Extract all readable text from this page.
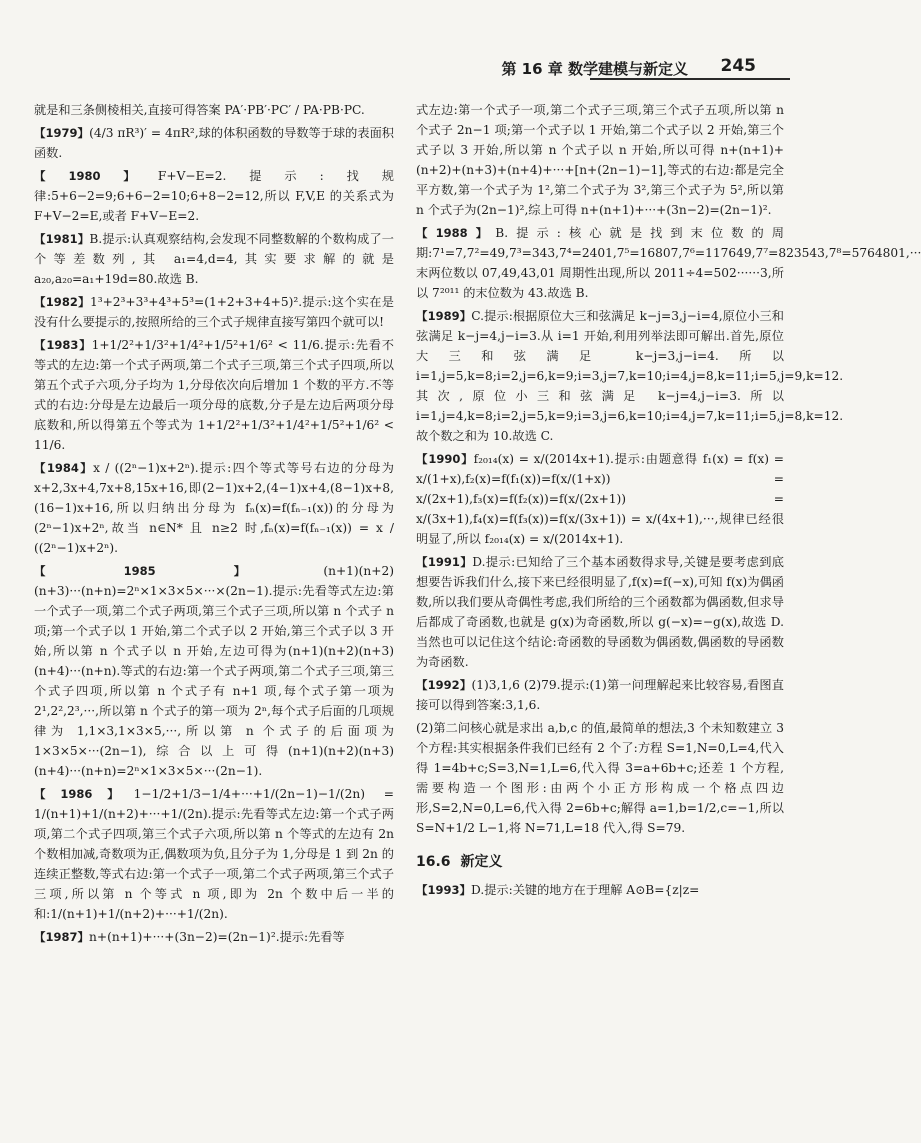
第 16 章 数学建模与新定义 245

就是和三条侧棱相关,直接可得答案 PA′·PB′·PC′ / PA·PB·PC.

【1979】(4/3 πR³)′ = 4πR²,球的体积函数的导数等于球的表面积函数.

【1980】F+V−E=2.提示:找规律:5+6−2=9;6+6−2=10;6+8−2=12,所以 F,V,E 的关系式为 F+V−2=E,或者 F+V−E=2.

【1981】B.提示:认真观察结构,会发现不同整数解的个数构成了一个等差数列,其 a₁=4,d=4,其实要求解的就是 a₂₀,a₂₀=a₁+19d=80.故选 B.

【1982】1³+2³+3³+4³+5³=(1+2+3+4+5)².提示:这个实在是没有什么要提示的,按照所给的三个式子规律直接写第四个就可以!

【1983】1+1/2²+1/3²+1/4²+1/5²+1/6² < 11/6.提示:先看不等式的左边:第一个式子两项,第二个式子三项,第三个式子四项,所以第五个式子六项,分子均为 1,分母依次向后增加 1 个数的平方.不等式的右边:分母是左边最后一项分母的底数,分子是左边后两项分母底数和,所以得第五个等式为 1+1/2²+1/3²+1/4²+1/5²+1/6² < 11/6.

【1984】x / ((2ⁿ−1)x+2ⁿ).提示:四个等式等号右边的分母为 x+2,3x+4,7x+8,15x+16,即(2−1)x+2,(4−1)x+4,(8−1)x+8,(16−1)x+16,所以归纳出分母为 fₙ(x)=f(fₙ₋₁(x))的分母为(2ⁿ−1)x+2ⁿ,故当 n∈N* 且 n≥2 时,fₙ(x)=f(fₙ₋₁(x)) = x / ((2ⁿ−1)x+2ⁿ).

【1985】(n+1)(n+2)(n+3)···(n+n)=2ⁿ×1×3×5×···×(2n−1).提示:先看等式左边:第一个式子一项,第二个式子两项,第三个式子三项,所以第 n 个式子 n 项;第一个式子以 1 开始,第二个式子以 2 开始,第三个式子以 3 开始,所以第 n 个式子以 n 开始,左边可得为(n+1)(n+2)(n+3)(n+4)···(n+n).等式的右边:第一个式子两项,第二个式子三项,第三个式子四项,所以第 n 个式子有 n+1 项,每个式子第一项为 2¹,2²,2³,···,所以第 n 个式子的第一项为 2ⁿ,每个式子后面的几项规律为 1,1×3,1×3×5,···,所以第 n 个式子的后面项为 1×3×5×···(2n−1),综合以上可得(n+1)(n+2)(n+3)(n+4)···(n+n)=2ⁿ×1×3×5×···(2n−1).

【1986】1−1/2+1/3−1/4+···+1/(2n−1)−1/(2n) = 1/(n+1)+1/(n+2)+···+1/(2n).提示:先看等式左边:第一个式子两项,第二个式子四项,第三个式子六项,所以第 n 个等式的左边有 2n 个数相加减,奇数项为正,偶数项为负,且分子为 1,分母是 1 到 2n 的连续正整数,等式右边:第一个式子一项,第二个式子两项,第三个式子三项,所以第 n 个等式 n 项,即为 2n 个数中后一半的和:1/(n+1)+1/(n+2)+···+1/(2n).

【1987】n+(n+1)+···+(3n−2)=(2n−1)².提示:先看等

式左边:第一个式子一项,第二个式子三项,第三个式子五项,所以第 n 个式子 2n−1 项;第一个式子以 1 开始,第二个式子以 2 开始,第三个式子以 3 开始,所以第 n 个式子以 n 开始,所以可得 n+(n+1)+(n+2)+(n+3)+(n+4)+···+[n+(2n−1)−1],等式的右边:都是完全平方数,第一个式子为 1²,第二个式子为 3²,第三个式子为 5²,所以第 n 个式子为(2n−1)²,综上可得 n+(n+1)+···+(3n−2)=(2n−1)².

【1988】B.提示:核心就是找到末位数的周期:7¹=7,7²=49,7³=343,7⁴=2401,7⁵=16807,7⁶=117649,7⁷=823543,7⁸=5764801,···末两位数以 07,49,43,01 周期性出现,所以 2011÷4=502······3,所以 7²⁰¹¹ 的末位数为 43.故选 B.

【1989】C.提示:根据原位大三和弦满足 k−j=3,j−i=4,原位小三和弦满足 k−j=4,j−i=3.从 i=1 开始,利用列举法即可解出.首先,原位大三和弦满足 k−j=3,j−i=4.所以 i=1,j=5,k=8;i=2,j=6,k=9;i=3,j=7,k=10;i=4,j=8,k=11;i=5,j=9,k=12.其次,原位小三和弦满足 k−j=4,j−i=3.所以 i=1,j=4,k=8;i=2,j=5,k=9;i=3,j=6,k=10;i=4,j=7,k=11;i=5,j=8,k=12.故个数之和为 10.故选 C.

【1990】f₂₀₁₄(x) = x/(2014x+1).提示:由题意得 f₁(x) = f(x) = x/(1+x),f₂(x)=f(f₁(x))=f(x/(1+x)) = x/(2x+1),f₃(x)=f(f₂(x))=f(x/(2x+1)) = x/(3x+1),f₄(x)=f(f₃(x))=f(x/(3x+1)) = x/(4x+1),···,规律已经很明显了,所以 f₂₀₁₄(x) = x/(2014x+1).

【1991】D.提示:已知给了三个基本函数得求导,关键是要考虑到底想要告诉我们什么,接下来已经很明显了,f(x)=f(−x),可知 f(x)为偶函数,所以我们要从奇偶性考虑,我们所给的三个函数都为偶函数,但求导后都成了奇函数,也就是 g(x)为奇函数,所以 g(−x)=−g(x),故选 D.当然也可以记住这个结论:奇函数的导函数为偶函数,偶函数的导函数为奇函数.

【1992】(1)3,1,6 (2)79.提示:(1)第一问理解起来比较容易,看图直接可以得到答案:3,1,6.

(2)第二问核心就是求出 a,b,c 的值,最简单的想法,3 个未知数建立 3 个方程:其实根据条件我们已经有 2 个了:方程 S=1,N=0,L=4,代入得 1=4b+c;S=3,N=1,L=6,代入得 3=a+6b+c;还差 1 个方程,需要构造一个图形:由两个小正方形构成一个格点四边形,S=2,N=0,L=6,代入得 2=6b+c;解得 a=1,b=1/2,c=−1,所以 S=N+1/2 L−1,将 N=71,L=18 代入,得 S=79.

16.6 新定义

【1993】D.提示:关键的地方在于理解 A⊙B={z|z=
